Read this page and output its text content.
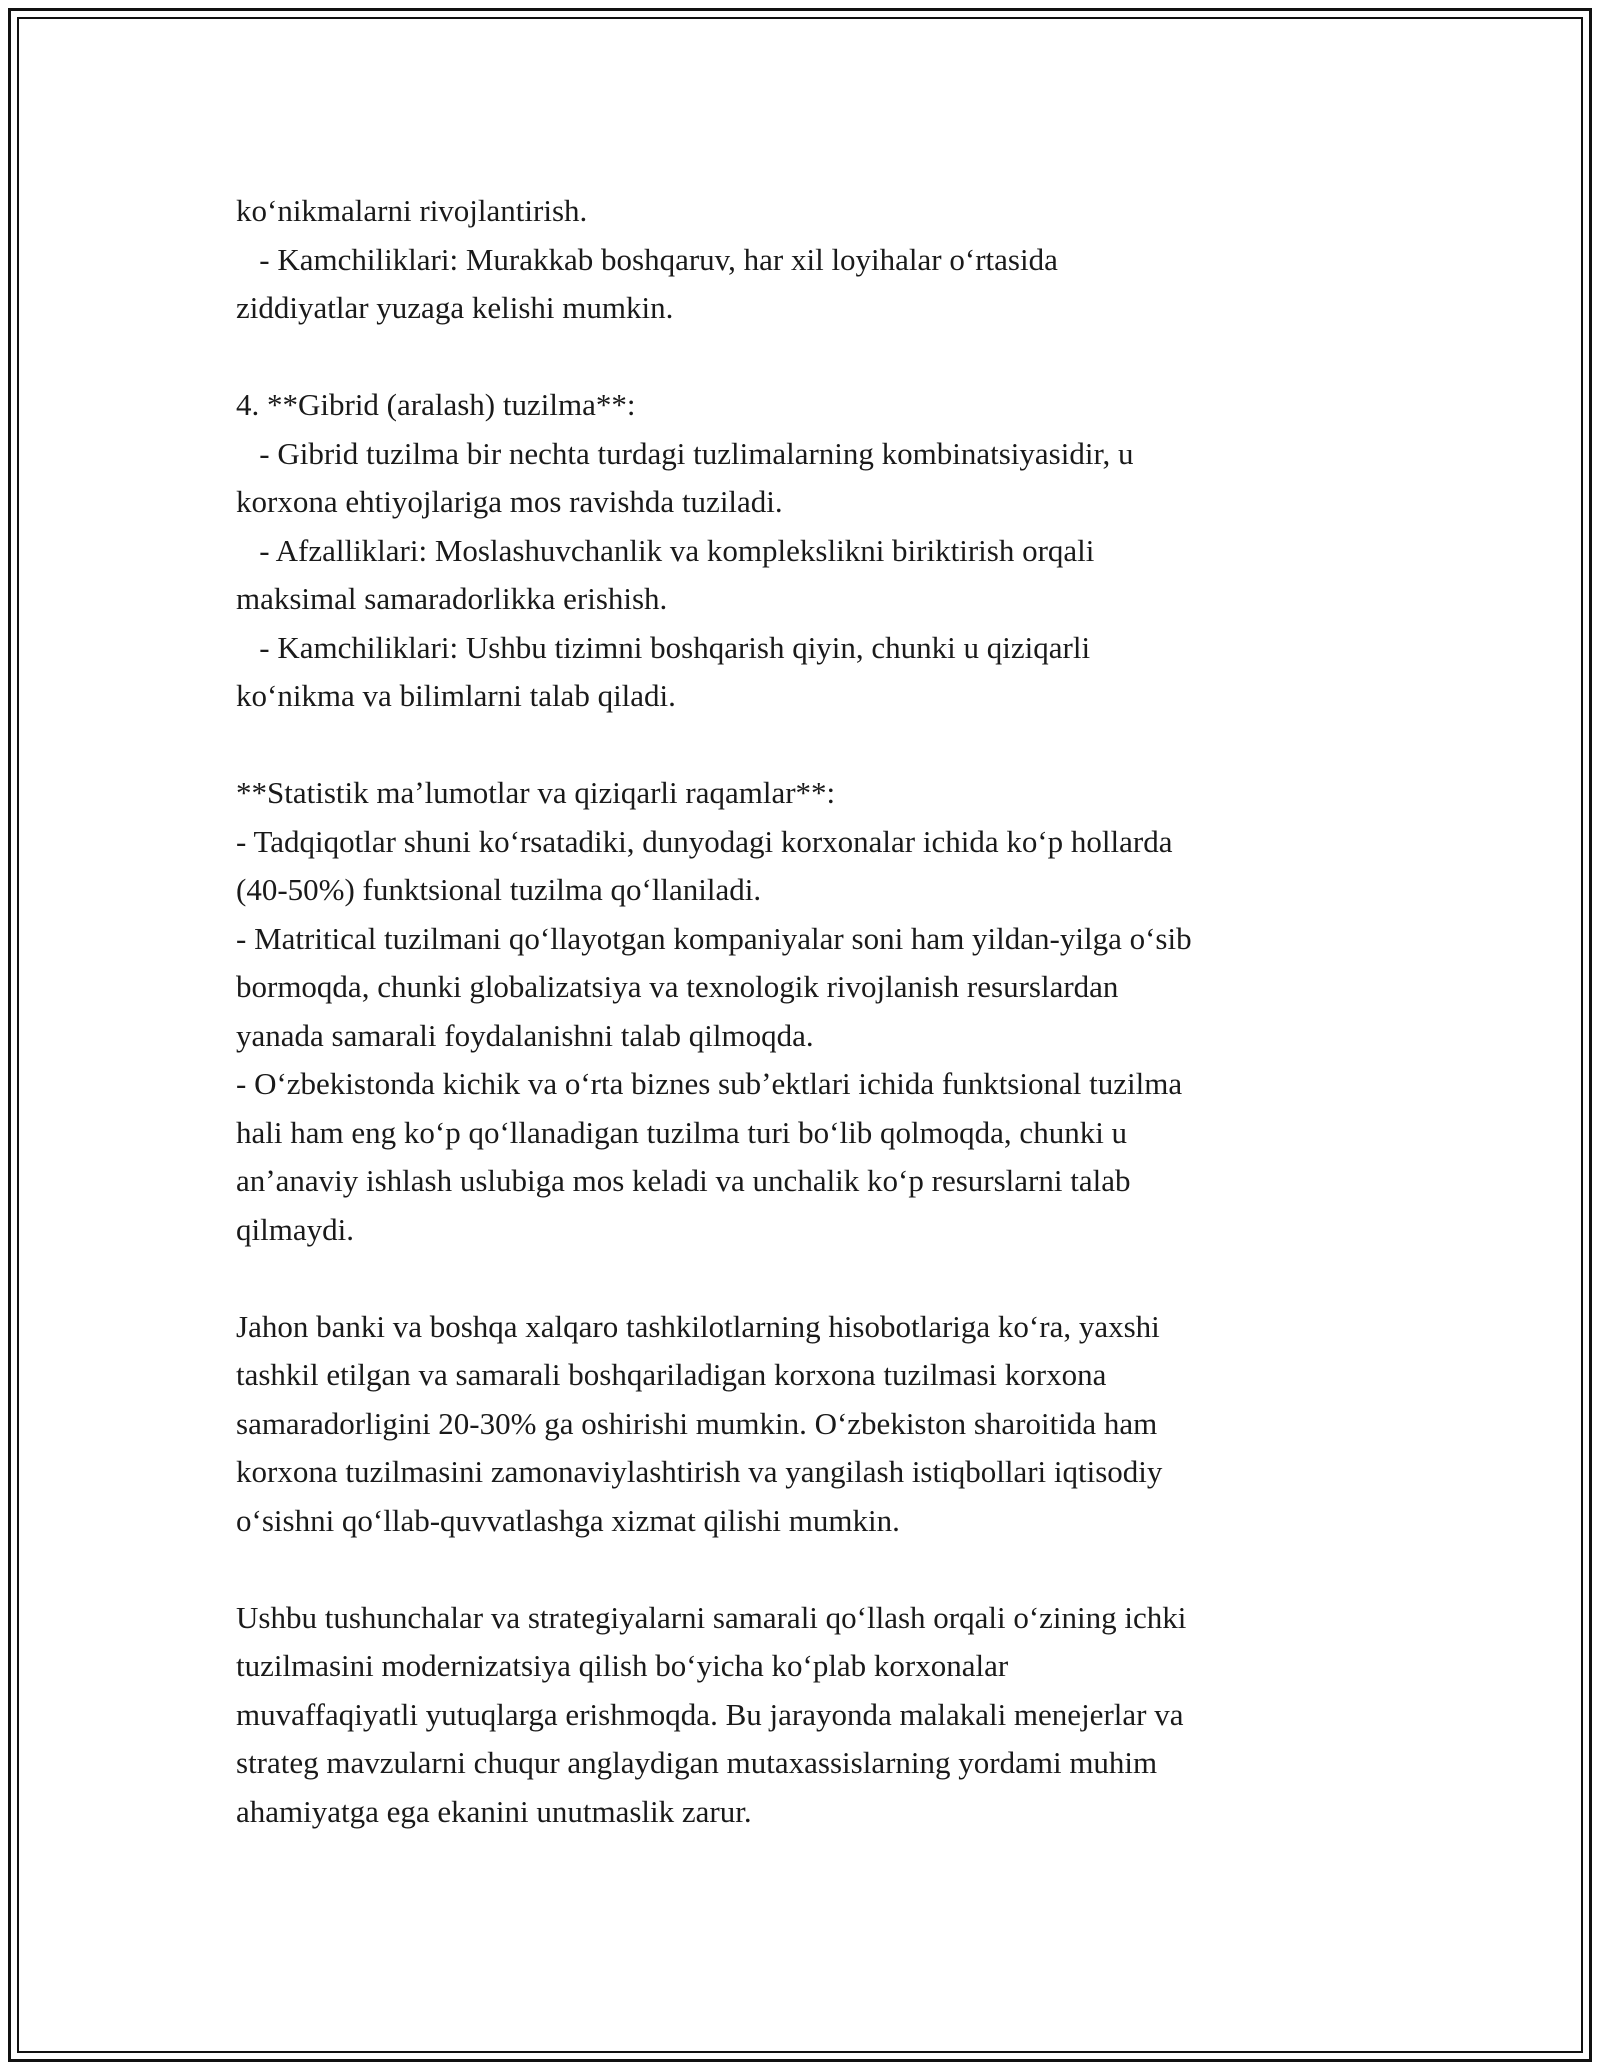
koʻnikmalarni rivojlantirish.
- Kamchiliklari: Murakkab boshqaruv, har xil loyihalar oʻrtasida
ziddiyatlar yuzaga kelishi mumkin.
4. **Gibrid (aralash) tuzilma**:
- Gibrid tuzilma bir nechta turdagi tuzlimalarning kombinatsiyasidir, u
korxona ehtiyojlariga mos ravishda tuziladi.
- Afzalliklari: Moslashuvchanlik va komplekslikni biriktirish orqali
maksimal samaradorlikka erishish.
- Kamchiliklari: Ushbu tizimni boshqarish qiyin, chunki u qiziqarli
koʻnikma va bilimlarni talab qiladi.
**Statistik maʼlumotlar va qiziqarli raqamlar**:
- Tadqiqotlar shuni koʻrsatadiki, dunyodagi korxonalar ichida koʻp hollarda
(40-50%) funktsional tuzilma qoʻllaniladi.
- Matritical tuzilmani qoʻllayotgan kompaniyalar soni ham yildan-yilga oʻsib
bormoqda, chunki globalizatsiya va texnologik rivojlanish resurslardan
yanada samarali foydalanishni talab qilmoqda.
- Oʻzbekistonda kichik va oʻrta biznes subʼektlari ichida funktsional tuzilma
hali ham eng koʻp qoʻllanadigan tuzilma turi boʻlib qolmoqda, chunki u
anʼanaviy ishlash uslubiga mos keladi va unchalik koʻp resurslarni talab
qilmaydi.
Jahon banki va boshqa xalqaro tashkilotlarning hisobotlariga koʻra, yaxshi
tashkil etilgan va samarali boshqariladigan korxona tuzilmasi korxona
samaradorligini 20-30% ga oshirishi mumkin. Oʻzbekiston sharoitida ham
korxona tuzilmasini zamonaviylashtirish va yangilash istiqbollari iqtisodiy
oʻsishni qoʻllab-quvvatlashga xizmat qilishi mumkin.
Ushbu tushunchalar va strategiyalarni samarali qoʻllash orqali oʻzining ichki
tuzilmasini modernizatsiya qilish boʻyicha koʻplab korxonalar
muvaffaqiyatli yutuqlarga erishmoqda. Bu jarayonda malakali menejerlar va
strateg mavzularni chuqur anglaydigan mutaxassislarning yordami muhim
ahamiyatga ega ekanini unutmaslik zarur.
